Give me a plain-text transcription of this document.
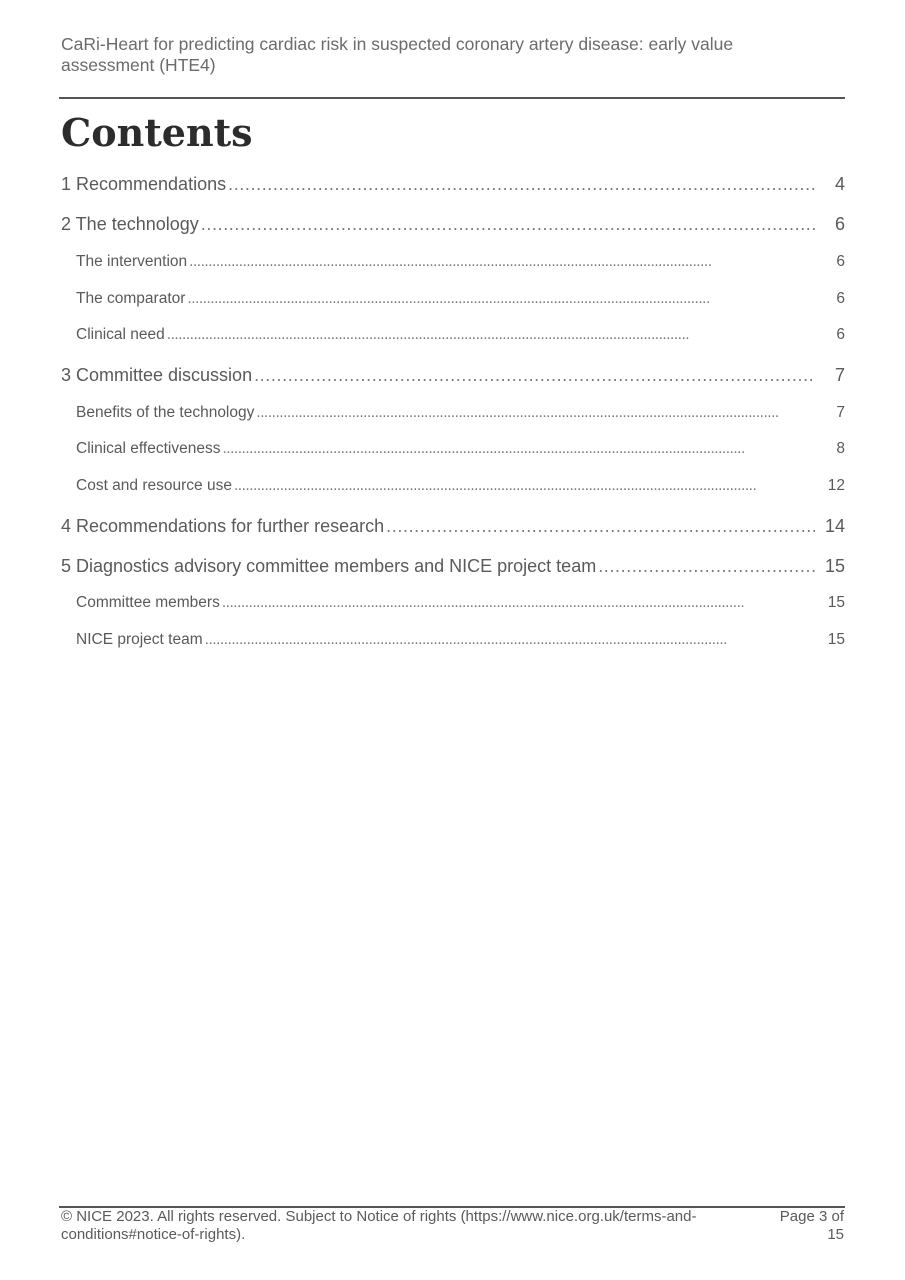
CaRi-Heart for predicting cardiac risk in suspected coronary artery disease: early value assessment (HTE4)
Contents
1 Recommendations . . .	4
2 The technology . . .	6
The intervention . . .	6
The comparator . . .	6
Clinical need . . .	6
3 Committee discussion . . .	7
Benefits of the technology . . .	7
Clinical effectiveness . . .	8
Cost and resource use . . .	12
4 Recommendations for further research . . .	14
5 Diagnostics advisory committee members and NICE project team . . .	15
Committee members . . .	15
NICE project team . . .	15
© NICE 2023. All rights reserved. Subject to Notice of rights (https://www.nice.org.uk/terms-and-conditions#notice-of-rights).
Page 3 of 15
